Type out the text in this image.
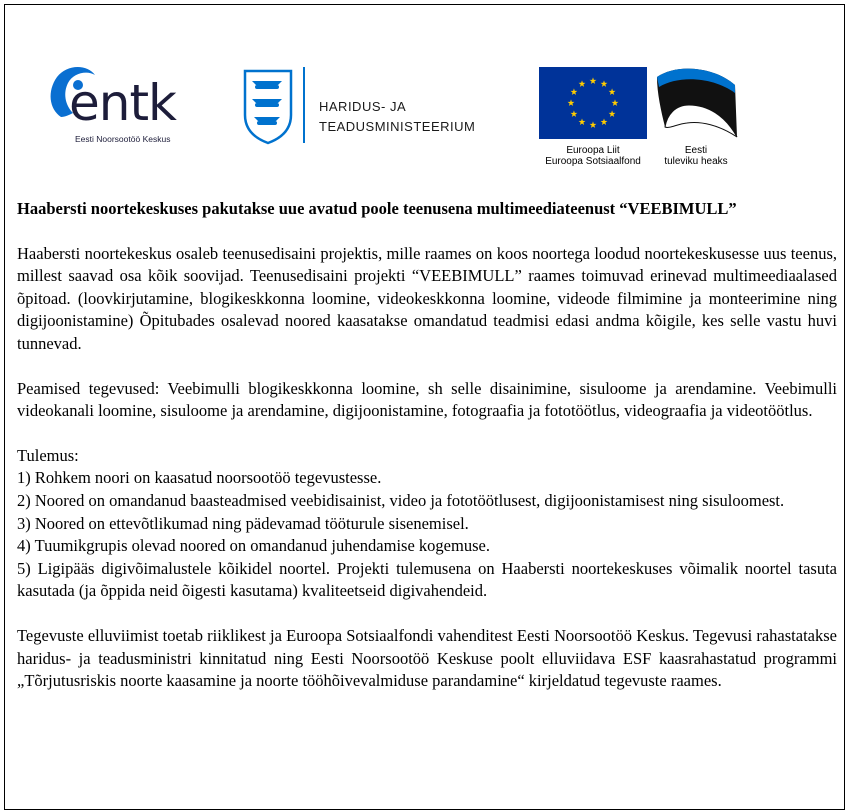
entk
Eesti Noorsootöö Keskus
HARIDUS- JA
TEADUSMINISTEERIUM
Euroopa Liit
Euroopa Sotsiaalfond
Eesti
tuleviku heaks

Haabersti noortekeskuses pakutakse uue avatud poole teenusena multimeediateenust “VEEBIMULL”

Haabersti noortekeskus osaleb teenusedisaini projektis, mille raames on koos noortega loodud noortekeskusesse uus teenus, millest saavad osa kõik soovijad. Teenusedisaini projekti “VEEBIMULL” raames toimuvad erinevad multimeediaalased õpitoad. (loovkirjutamine, blogikeskkonna loomine, videokeskkonna loomine, videode filmimine ja monteerimine ning digijoonistamine) Õpitubades osalevad noored kaasatakse omandatud teadmisi edasi andma kõigile, kes selle vastu huvi tunnevad.

Peamised tegevused: Veebimulli blogikeskkonna loomine, sh selle disainimine, sisuloome ja arendamine. Veebimulli videokanali loomine, sisuloome ja arendamine, digijoonistamine, fotograafia ja fototöötlus, videograafia ja videotöötlus.

Tulemus:

1) Rohkem noori on kaasatud noorsootöö tegevustesse.

2) Noored on omandanud baasteadmised veebidisainist, video ja fototöötlusest, digijoonistamisest ning sisuloomest.

3) Noored on ettevõtlikumad ning pädevamad tööturule sisenemisel.

4) Tuumikgrupis olevad noored on omandanud juhendamise kogemuse.

5) Ligipääs digivõimalustele kõikidel noortel. Projekti tulemusena on Haabersti noortekeskuses võimalik noortel tasuta kasutada (ja õppida neid õigesti kasutama) kvaliteetseid digivahendeid.

Tegevuste elluviimist toetab riiklikest ja Euroopa Sotsiaalfondi vahenditest Eesti Noorsootöö Keskus. Tegevusi rahastatakse haridus- ja teadusministri kinnitatud ning Eesti Noorsootöö Keskuse poolt elluviidava ESF kaasrahastatud programmi „Tõrjutusriskis noorte kaasamine ja noorte tööhõivevalmiduse parandamine“ kirjeldatud tegevuste raames.
